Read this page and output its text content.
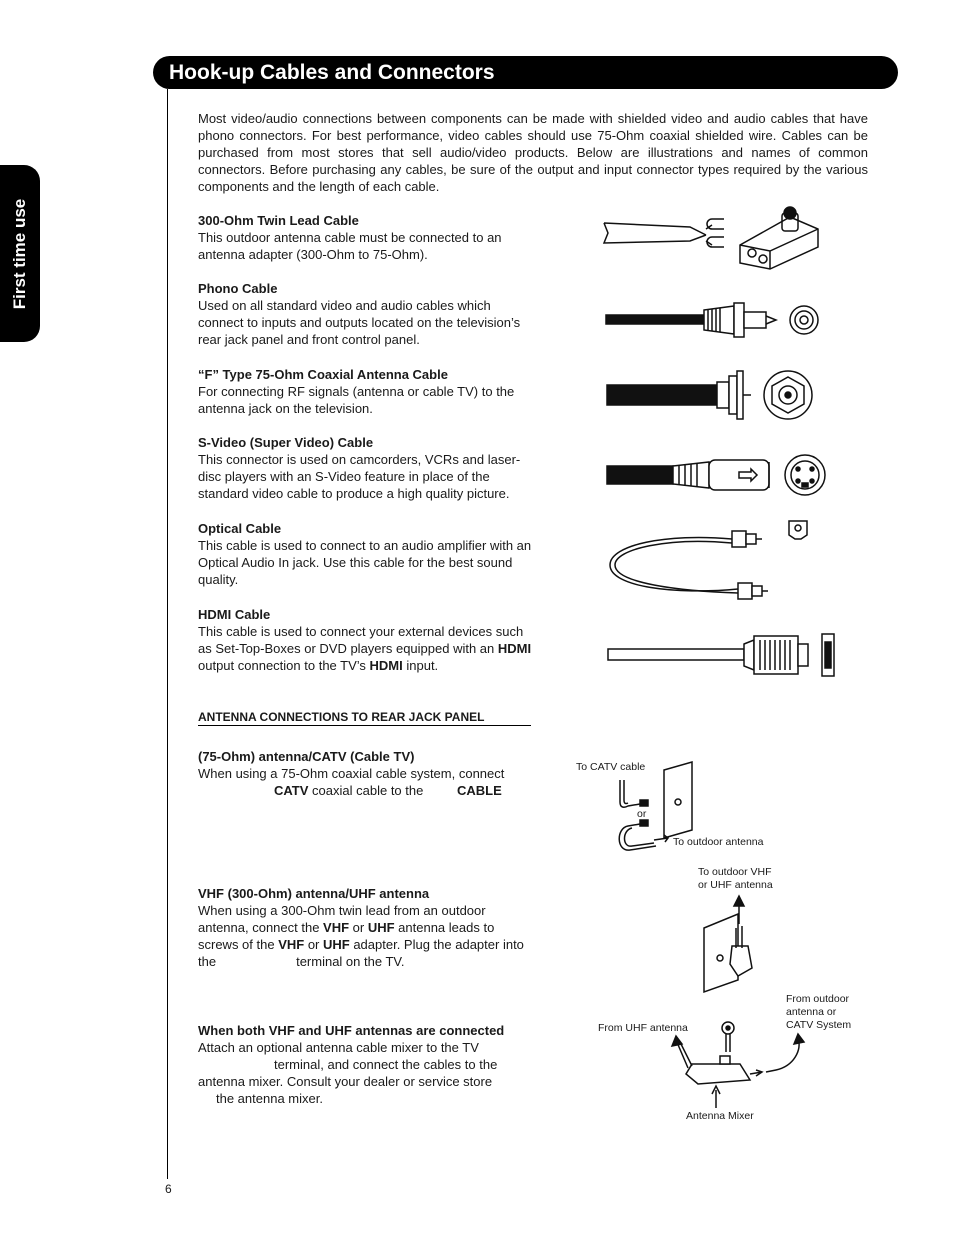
Hook-up Cables and Connectors
First time use
6
Most video/audio connections between components can be made with shielded video and audio cables that have phono connectors. For best performance, video cables should use 75-Ohm coaxial shielded wire. Cables can be purchased from most stores that sell audio/video products. Below are illustrations and names of common connectors. Before purchasing any cables, be sure of the output and input connector types required by the various components and the length of each cable.
300-Ohm Twin Lead Cable
This outdoor antenna cable must be connected to an antenna adapter (300-Ohm to 75-Ohm).
Phono Cable
Used on all standard video and audio cables which connect to inputs and outputs located on the television’s rear jack panel and front control panel.
“F” Type 75-Ohm Coaxial Antenna Cable
For connecting RF signals (antenna or cable TV) to the antenna jack on the television.
S-Video (Super Video) Cable
This connector is used on camcorders, VCRs and laser-disc players with an S-Video feature in place of the standard video cable to produce a high quality picture.
Optical Cable
This cable is used to connect to an audio amplifier with an Optical Audio In jack. Use this cable for the best sound quality.
HDMI Cable
This cable is used to connect your external devices such as Set-Top-Boxes or DVD players equipped with an HDMI output connection to the TV’s HDMI input.
ANTENNA CONNECTIONS TO REAR JACK PANEL
(75-Ohm) antenna/CATV (Cable TV)
When using a 75-Ohm coaxial cable system, connect
CATV coaxial cable to the CABLE
VHF (300-Ohm) antenna/UHF antenna
When using a 300-Ohm twin lead from an outdoor antenna, connect the VHF or UHF antenna leads to screws of the VHF or UHF adapter. Plug the adapter into the	terminal on the TV.
When both VHF and UHF antennas are connected
Attach an optional antenna cable mixer to the TV
terminal, and connect the cables to the
antenna mixer. Consult your dealer or service store
the antenna mixer.
To CATV cable
or
To outdoor antenna
To outdoor VHF
or UHF antenna
From UHF antenna
From outdoor
antenna or
CATV System
Antenna Mixer
